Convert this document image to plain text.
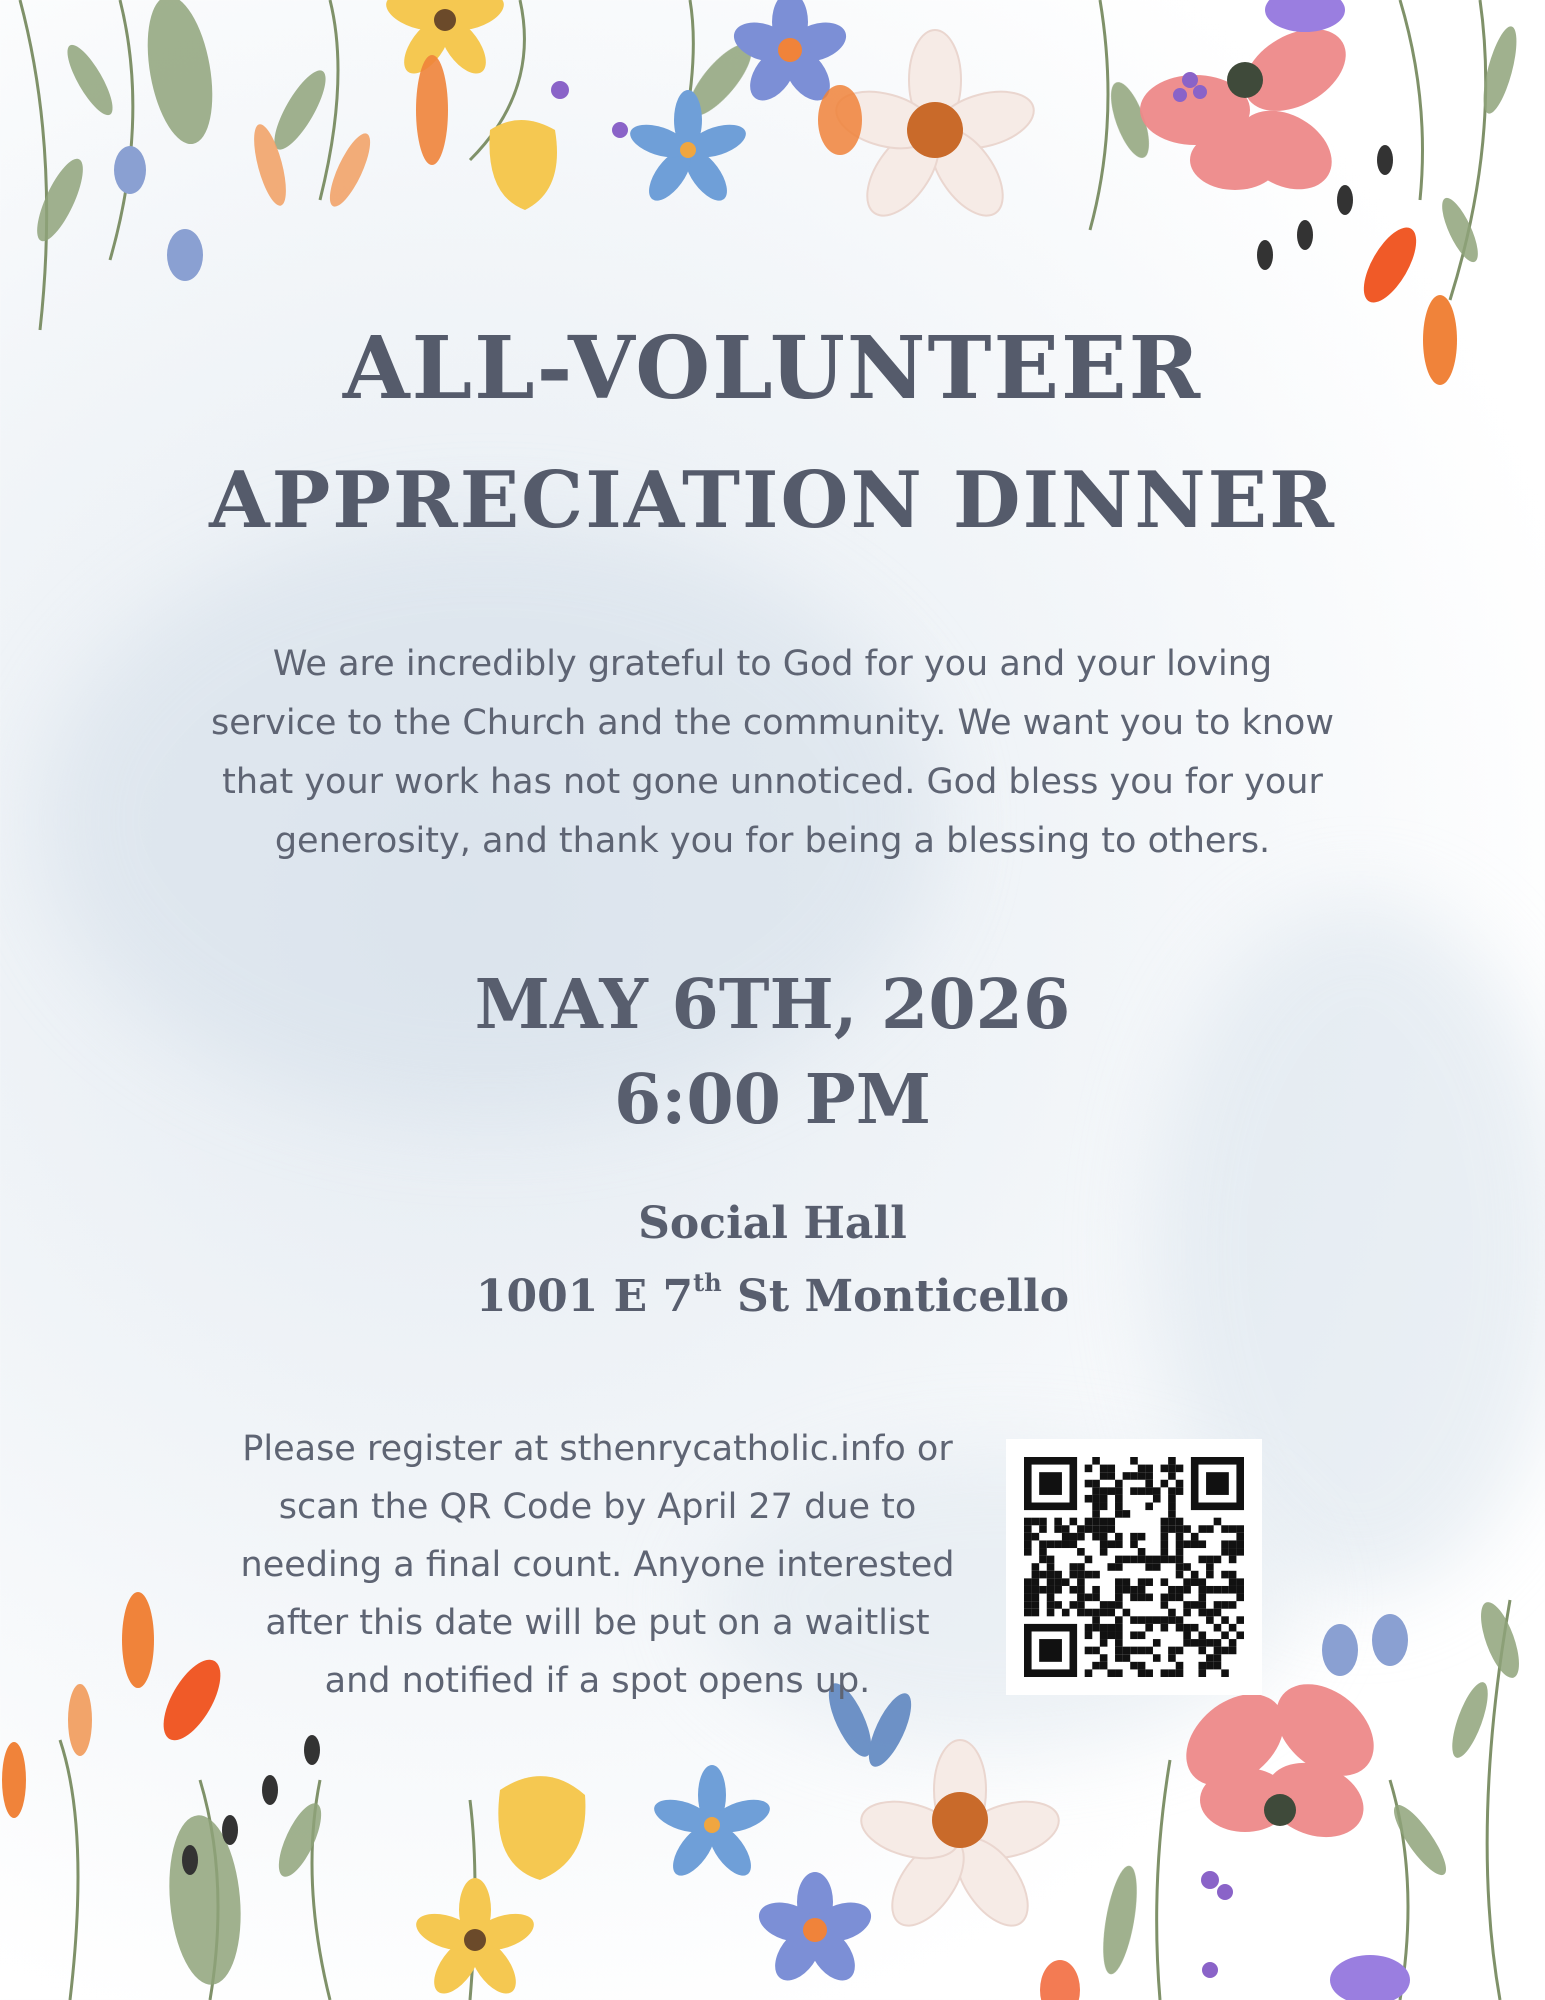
ALL-VOLUNTEER
APPRECIATION DINNER
We are incredibly grateful to God for you and your loving service to the Church and the community. We want you to know that your work has not gone unnoticed. God bless you for your generosity, and thank you for being a blessing to others.
MAY 6TH, 2026
6:00 PM
Social Hall
1001 E 7th St Monticello
Please register at sthenrycatholic.info or scan the QR Code by April 27 due to needing a final count. Anyone interested after this date will be put on a waitlist and notified if a spot opens up.
